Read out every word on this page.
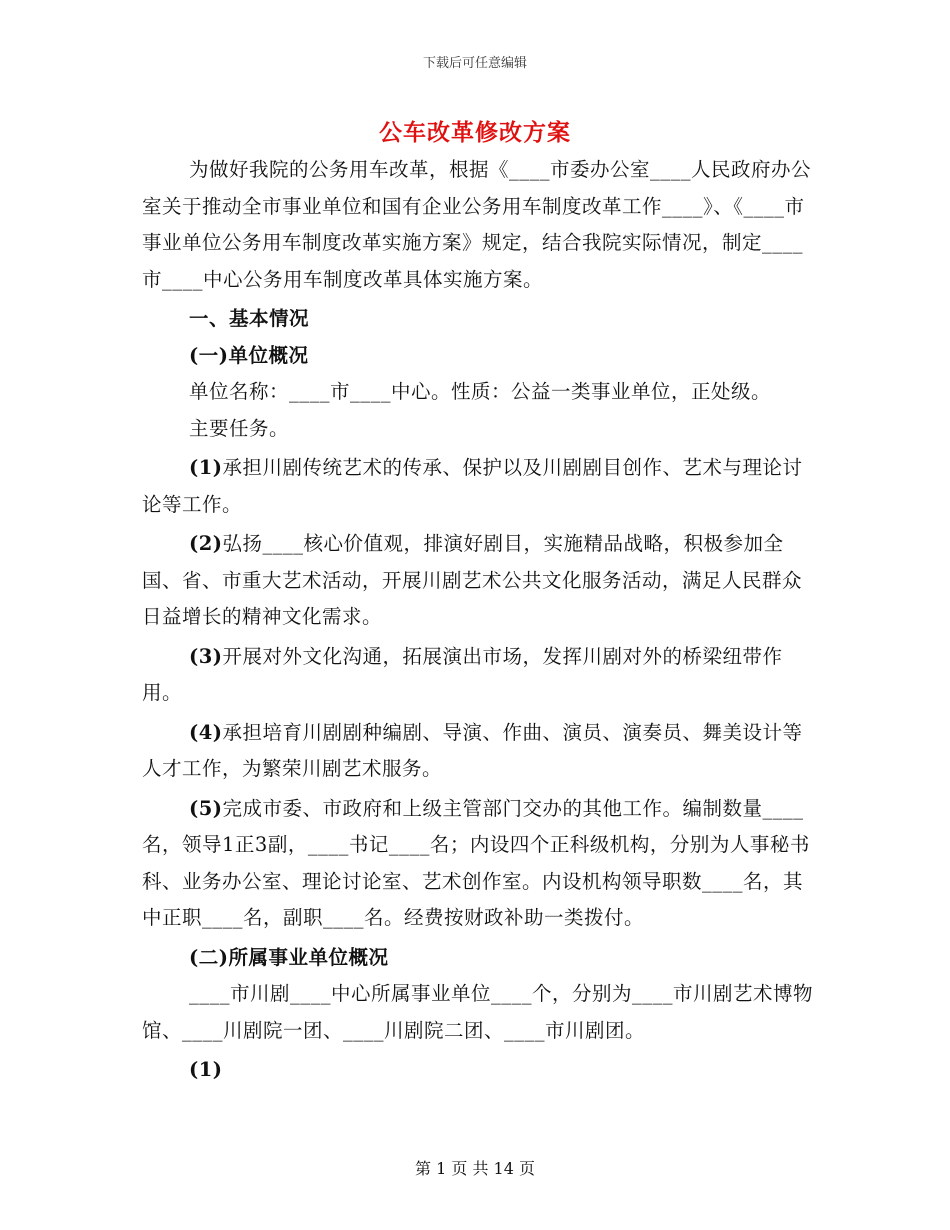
下载后可任意编辑
公车改革修改方案

为做好我院的公务用车改革，根据《____市委办公室____人民政府办公室关于推动全市事业单位和国有企业公务用车制度改革工作____》、《____市事业单位公务用车制度改革实施方案》规定，结合我院实际情况，制定____市____中心公务用车制度改革具体实施方案。

一、基本情况

(一)单位概况

单位名称：____市____中心。性质：公益一类事业单位，正处级。

主要任务。

(1)承担川剧传统艺术的传承、保护以及川剧剧目创作、艺术与理论讨论等工作。

(2)弘扬____核心价值观，排演好剧目，实施精品战略，积极参加全国、省、市重大艺术活动，开展川剧艺术公共文化服务活动，满足人民群众日益增长的精神文化需求。

(3)开展对外文化沟通，拓展演出市场，发挥川剧对外的桥梁纽带作用。

(4)承担培育川剧剧种编剧、导演、作曲、演员、演奏员、舞美设计等人才工作，为繁荣川剧艺术服务。

(5)完成市委、市政府和上级主管部门交办的其他工作。编制数量____名，领导1正3副，____书记____名；内设四个正科级机构，分别为人事秘书科、业务办公室、理论讨论室、艺术创作室。内设机构领导职数____名，其中正职____名，副职____名。经费按财政补助一类拨付。

(二)所属事业单位概况

____市川剧____中心所属事业单位____个，分别为____市川剧艺术博物馆、____川剧院一团、____川剧院二团、____市川剧团。

(1)

第 1 页 共 14 页
